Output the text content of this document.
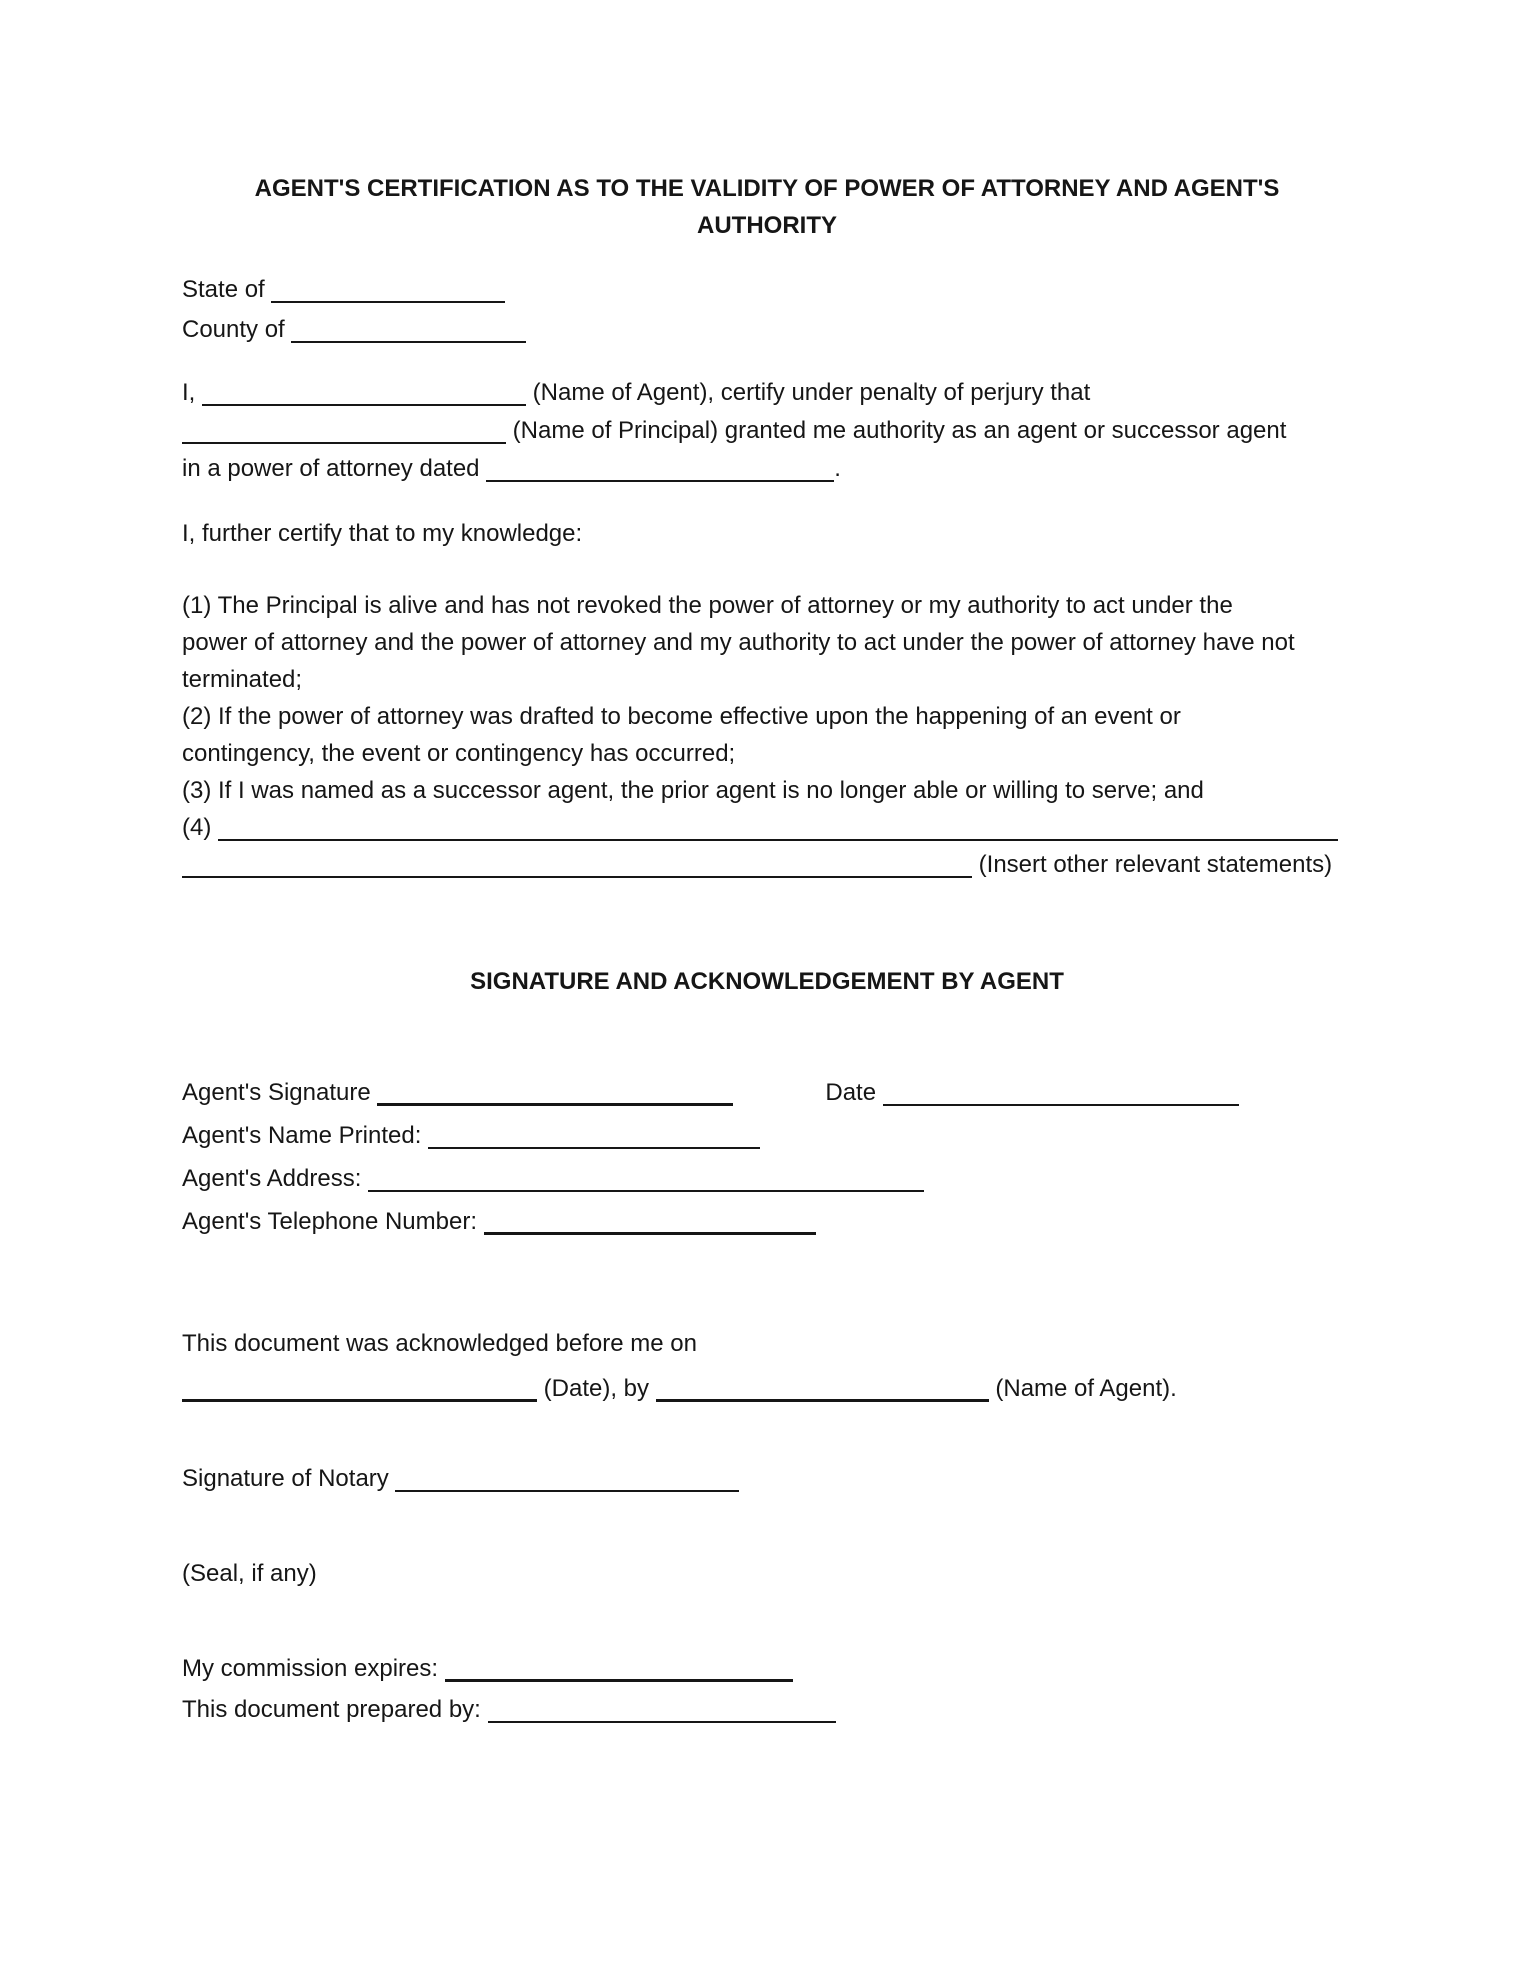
AGENT'S CERTIFICATION AS TO THE VALIDITY OF POWER OF ATTORNEY AND AGENT'S
AUTHORITY
SIGNATURE AND ACKNOWLEDGEMENT BY AGENT
State of
County of
I,	(Name of Agent), certify under penalty of perjury that
(Name of Principal) granted me authority as an agent or successor agent
in a power of attorney dated	.
I, further certify that to my knowledge:
(1) The Principal is alive and has not revoked the power of attorney or my authority to act under the
power of attorney and the power of attorney and my authority to act under the power of attorney have not
terminated;
(2) If the power of attorney was drafted to become effective upon the happening of an event or
contingency, the event or contingency has occurred;
(3) If I was named as a successor agent, the prior agent is no longer able or willing to serve; and
(4)
(Insert other relevant statements)
Agent's Signature	Date
Agent's Name Printed:
Agent's Address:
Agent's Telephone Number:
This document was acknowledged before me on
(Date), by	(Name of Agent).
Signature of Notary
(Seal, if any)
My commission expires:
This document prepared by:
